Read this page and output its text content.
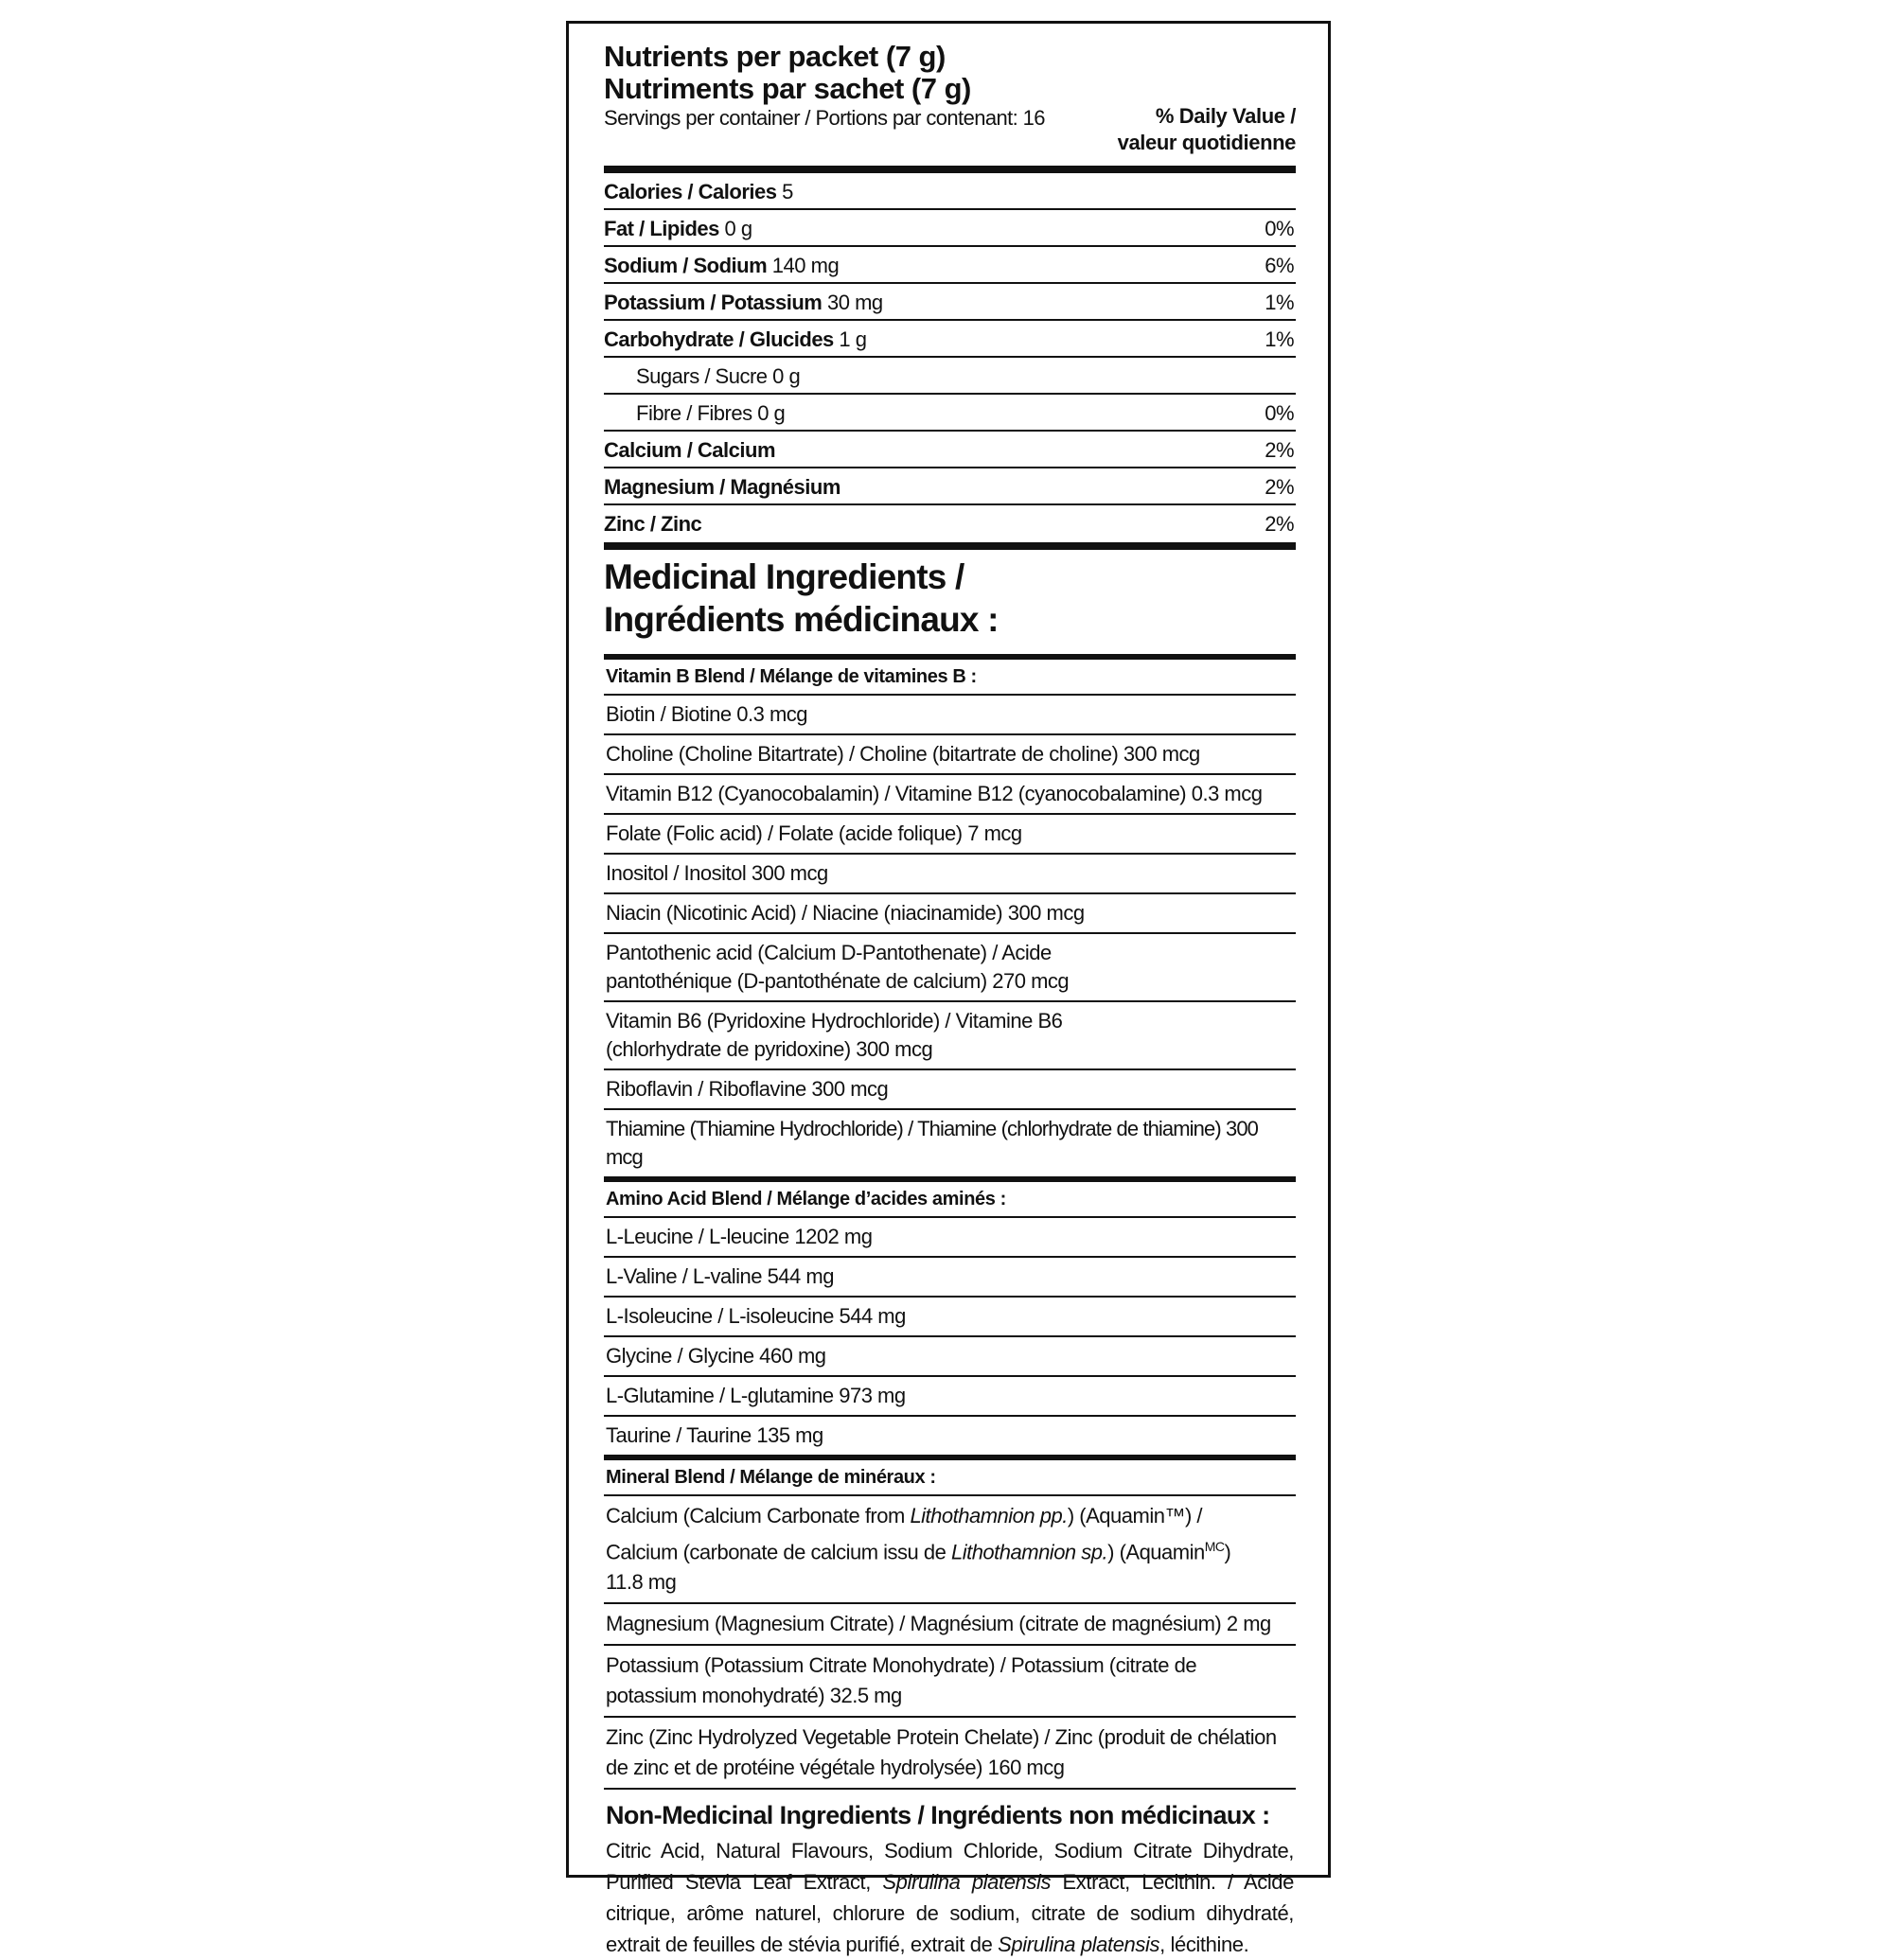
Nutrients per packet (7 g)
Nutriments par sachet (7 g)
Servings per container / Portions par contenant: 16	% Daily Value /
valeur quotidienne
Calories / Calories 5
Fat / Lipides 0 g	0%
Sodium / Sodium 140 mg	6%
Potassium / Potassium 30 mg	1%
Carbohydrate / Glucides 1 g	1%
Sugars / Sucre 0 g
Fibre / Fibres 0 g	0%
Calcium / Calcium	2%
Magnesium / Magnésium	2%
Zinc / Zinc	2%
Medicinal Ingredients /
Ingrédients médicinaux :
Vitamin B Blend / Mélange de vitamines B :
Biotin / Biotine 0.3 mcg
Choline (Choline Bitartrate) / Choline (bitartrate de choline) 300 mcg
Vitamin B12 (Cyanocobalamin) / Vitamine B12 (cyanocobalamine) 0.3 mcg
Folate (Folic acid) / Folate (acide folique) 7 mcg
Inositol / Inositol 300 mcg
Niacin (Nicotinic Acid) / Niacine (niacinamide) 300 mcg
Pantothenic acid (Calcium D-Pantothenate) / Acide pantothénique (D-pantothénate de calcium) 270 mcg
Vitamin B6 (Pyridoxine Hydrochloride) / Vitamine B6 (chlorhydrate de pyridoxine) 300 mcg
Riboflavin / Riboflavine 300 mcg
Thiamine (Thiamine Hydrochloride) / Thiamine (chlorhydrate de thiamine) 300 mcg
Amino Acid Blend / Mélange d’acides aminés :
L-Leucine / L-leucine 1202 mg
L-Valine / L-valine 544 mg
L-Isoleucine / L-isoleucine 544 mg
Glycine / Glycine 460 mg
L-Glutamine / L-glutamine 973 mg
Taurine / Taurine 135 mg
Mineral Blend / Mélange de minéraux :
Calcium (Calcium Carbonate from Lithothamnion pp.) (Aquamin™) / Calcium (carbonate de calcium issu de Lithothamnion sp.) (Aquamin$^{MC}$) 11.8 mg
Magnesium (Magnesium Citrate) / Magnésium (citrate de magnésium) 2 mg
Potassium (Potassium Citrate Monohydrate) / Potassium (citrate de potassium monohydraté) 32.5 mg
Zinc (Zinc Hydrolyzed Vegetable Protein Chelate) / Zinc (produit de chélation de zinc et de protéine végétale hydrolysée) 160 mcg
Non-Medicinal Ingredients / Ingrédients non médicinaux :
Citric Acid, Natural Flavours, Sodium Chloride, Sodium Citrate Dihydrate, Purified Stevia Leaf Extract, Spirulina platensis Extract, Lecithin. / Acide citrique, arôme naturel, chlorure de sodium, citrate de sodium dihydraté, extrait de feuilles de stévia purifié, extrait de Spirulina platensis, lécithine.
